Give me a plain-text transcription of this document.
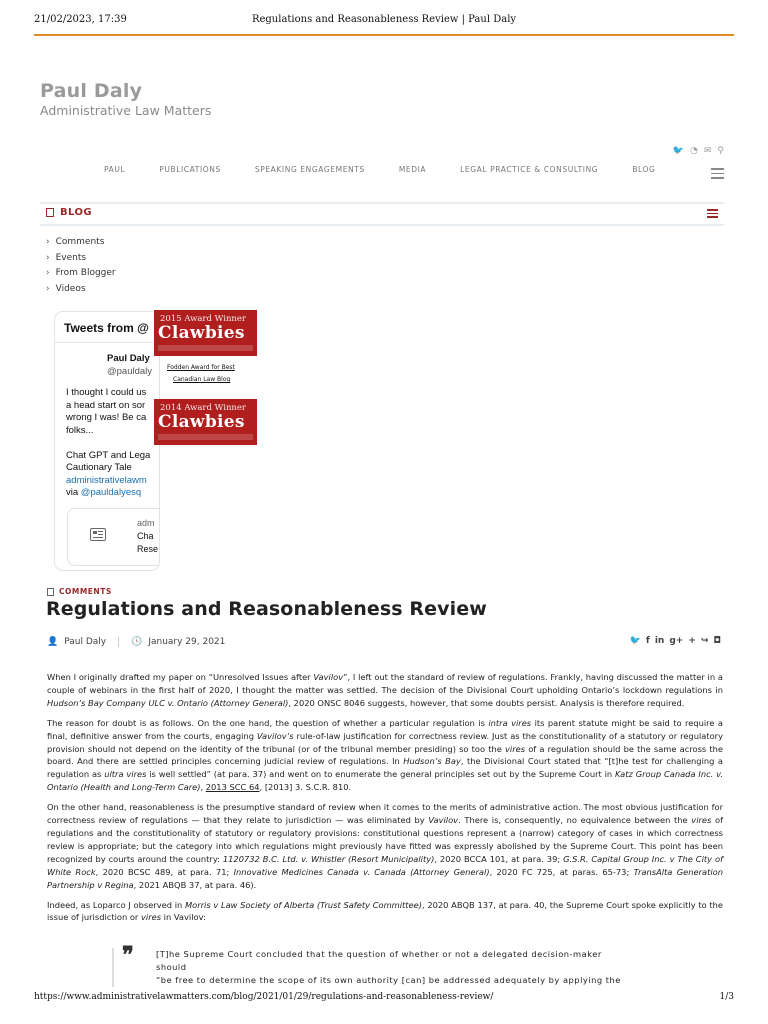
21/02/2023, 17:39	Regulations and Reasonableness Review | Paul Daly
Paul Daly
Administrative Law Matters
🐦 ◔ ✉ ⚲
PAUL	PUBLICATIONS	SPEAKING ENGAGEMENTS	MEDIA	LEGAL PRACTICE & CONSULTING	BLOG
BLOG
› Comments
› Events
› From Blogger
› Videos
Tweets from @
Paul Daly
@pauldaly
I thought I could us
a head start on sor
wrong I was! Be ca
folks...
Chat GPT and Lega
Cautionary Tale
administrativelawm
via @pauldalyesq
adm
Cha
Rese
2015 Award Winner
Clawbies
Fodden Award for Best
Canadian Law Blog
2014 Award Winner
Clawbies
COMMENTS
Regulations and Reasonableness Review
👤 Paul Daly	🕓 January 29, 2021	🐦 f in g+ + ↪ ◘

When I originally drafted my paper on “Unresolved Issues after Vavilov”, I left out the standard of review of regulations. Frankly, having discussed the matter in a couple of webinars in the first half of 2020, I thought the matter was settled. The decision of the Divisional Court upholding Ontario’s lockdown regulations in Hudson’s Bay Company ULC v. Ontario (Attorney General), 2020 ONSC 8046 suggests, however, that some doubts persist. Analysis is therefore required.

The reason for doubt is as follows. On the one hand, the question of whether a particular regulation is intra vires its parent statute might be said to require a final, definitive answer from the courts, engaging Vavilov’s rule-of-law justification for correctness review. Just as the constitutionality of a statutory or regulatory provision should not depend on the identity of the tribunal (or of the tribunal member presiding) so too the vires of a regulation should be the same across the board. And there are settled principles concerning judicial review of regulations. In Hudson’s Bay, the Divisional Court stated that “[t]he test for challenging a regulation as ultra vires is well settled” (at para. 37) and went on to enumerate the general principles set out by the Supreme Court in Katz Group Canada Inc. v. Ontario (Health and Long-Term Care), 2013 SCC 64, [2013] 3. S.C.R. 810.

On the other hand, reasonableness is the presumptive standard of review when it comes to the merits of administrative action. The most obvious justification for correctness review of regulations — that they relate to jurisdiction — was eliminated by Vavilov. There is, consequently, no equivalence between the vires of regulations and the constitutionality of statutory or regulatory provisions: constitutional questions represent a (narrow) category of cases in which correctness review is appropriate; but the category into which regulations might previously have fitted was expressly abolished by the Supreme Court. This point has been recognized by courts around the country: 1120732 B.C. Ltd. v. Whistler (Resort Municipality), 2020 BCCA 101, at para. 39; G.S.R. Capital Group Inc. v The City of White Rock, 2020 BCSC 489, at para. 71; Innovative Medicines Canada v. Canada (Attorney General), 2020 FC 725, at paras. 65-73; TransAlta Generation Partnership v Regina, 2021 ABQB 37, at para. 46).

Indeed, as Loparco J observed in Morris v Law Society of Alberta (Trust Safety Committee), 2020 ABQB 137, at para. 40, the Supreme Court spoke explicitly to the issue of jurisdiction or vires in Vavilov:

❞	[T]he Supreme Court concluded that the question of whether or not a delegated decision-maker should
“be free to determine the scope of its own authority [can] be addressed adequately by applying the
https://www.administrativelawmatters.com/blog/2021/01/29/regulations-and-reasonableness-review/	1/3
